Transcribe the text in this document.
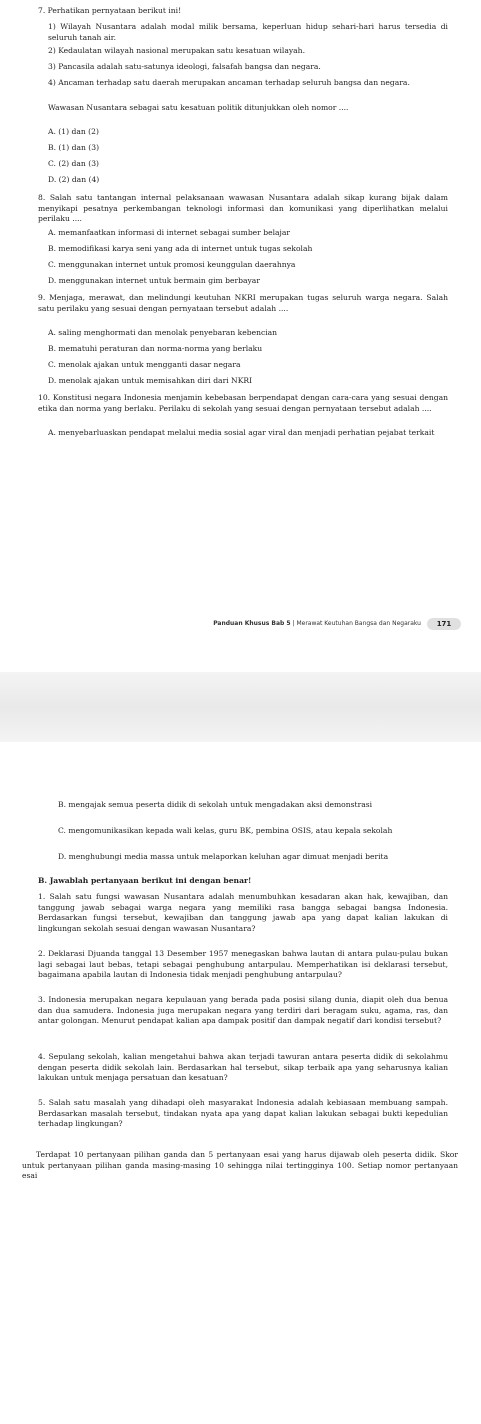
7. Perhatikan pernyataan berikut ini!
1) Wilayah Nusantara adalah modal milik bersama, keperluan hidup sehari-hari harus tersedia di seluruh tanah air.
2) Kedaulatan wilayah nasional merupakan satu kesatuan wilayah.
3) Pancasila adalah satu-satunya ideologi, falsafah bangsa dan negara.
4) Ancaman terhadap satu daerah merupakan ancaman terhadap seluruh bangsa dan negara.
Wawasan Nusantara sebagai satu kesatuan politik ditunjukkan oleh nomor ....
A. (1) dan (2)
B. (1) dan (3)
C. (2) dan (3)
D. (2) dan (4)
8. Salah satu tantangan internal pelaksanaan wawasan Nusantara adalah sikap kurang bijak dalam menyikapi pesatnya perkembangan teknologi informasi dan komunikasi yang diperlihatkan melalui perilaku ....
A. memanfaatkan informasi di internet sebagai sumber belajar
B. memodifikasi karya seni yang ada di internet untuk tugas sekolah
C. menggunakan internet untuk promosi keunggulan daerahnya
D. menggunakan internet untuk bermain gim berbayar
9. Menjaga, merawat, dan melindungi keutuhan NKRI merupakan tugas seluruh warga negara. Salah satu perilaku yang sesuai dengan pernyataan tersebut adalah ....
A. saling menghormati dan menolak penyebaran kebencian
B. mematuhi peraturan dan norma-norma yang berlaku
C. menolak ajakan untuk mengganti dasar negara
D. menolak ajakan untuk memisahkan diri dari NKRI
10. Konstitusi negara Indonesia menjamin kebebasan berpendapat dengan cara-cara yang sesuai dengan etika dan norma yang berlaku. Perilaku di sekolah yang sesuai dengan pernyataan tersebut adalah ....
A. menyebarluaskan pendapat melalui media sosial agar viral dan menjadi perhatian pejabat terkait
Panduan Khusus Bab 5 | Merawat Keutuhan Bangsa dan Negaraku	171
B. mengajak semua peserta didik di sekolah untuk mengadakan aksi demonstrasi
C. mengomunikasikan kepada wali kelas, guru BK, pembina OSIS, atau kepala sekolah
D. menghubungi media massa untuk melaporkan keluhan agar dimuat menjadi berita
B. Jawablah pertanyaan berikut ini dengan benar!
1. Salah satu fungsi wawasan Nusantara adalah menumbuhkan kesadaran akan hak, kewajiban, dan tanggung jawab sebagai warga negara yang memiliki rasa bangga sebagai bangsa Indonesia. Berdasarkan fungsi tersebut, kewajiban dan tanggung jawab apa yang dapat kalian lakukan di lingkungan sekolah sesuai dengan wawasan Nusantara?
2. Deklarasi Djuanda tanggal 13 Desember 1957 menegaskan bahwa lautan di antara pulau-pulau bukan lagi sebagai laut bebas, tetapi sebagai penghubung antarpulau. Memperhatikan isi deklarasi tersebut, bagaimana apabila lautan di Indonesia tidak menjadi penghubung antarpulau?
3. Indonesia merupakan negara kepulauan yang berada pada posisi silang dunia, diapit oleh dua benua dan dua samudera. Indonesia juga merupakan negara yang terdiri dari beragam suku, agama, ras, dan antar golongan. Menurut pendapat kalian apa dampak positif dan dampak negatif dari kondisi tersebut?
4. Sepulang sekolah, kalian mengetahui bahwa akan terjadi tawuran antara peserta didik di sekolahmu dengan peserta didik sekolah lain. Berdasarkan hal tersebut, sikap terbaik apa yang seharusnya kalian lakukan untuk menjaga persatuan dan kesatuan?
5. Salah satu masalah yang dihadapi oleh masyarakat Indonesia adalah kebiasaan membuang sampah. Berdasarkan masalah tersebut, tindakan nyata apa yang dapat kalian lakukan sebagai bukti kepedulian terhadap lingkungan?
Terdapat 10 pertanyaan pilihan ganda dan 5 pertanyaan esai yang harus dijawab oleh peserta didik. Skor untuk pertanyaan pilihan ganda masing-masing 10 sehingga nilai tertingginya 100. Setiap nomor pertanyaan esai
